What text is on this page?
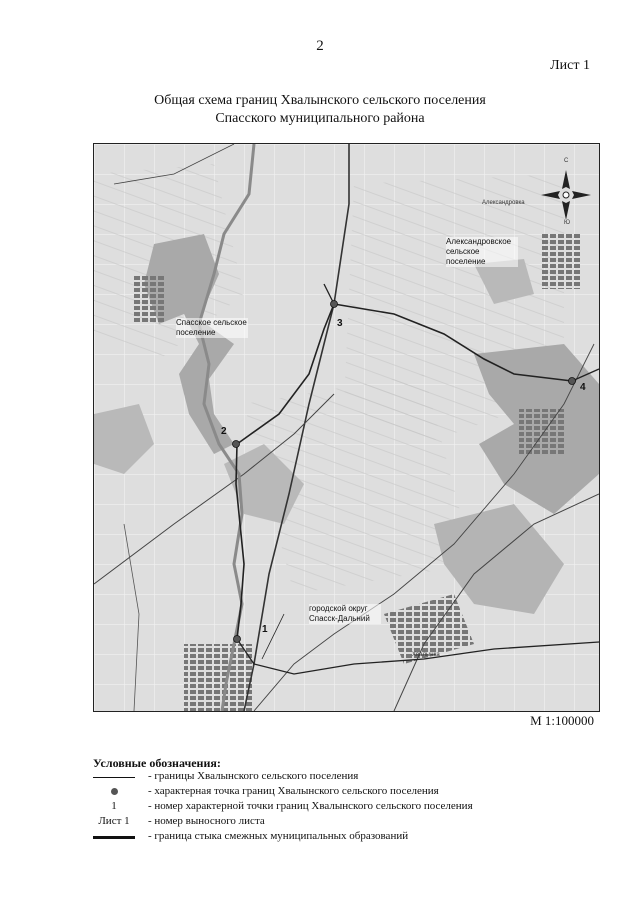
2
Лист 1
Общая схема границ Хвалынского сельского поселения
Спасского муниципального района
Спасское сельское поселение
Александровское сельское поселение
городской округ Спасск-Дальний
Александровка
Хвалынка
С
Ю
1
2
3
4
М 1:100000
Условные обозначения:
- границы Хвалынского сельского поселения
- характерная точка границ Хвалынского сельского поселения
1	- номер характерной точки границ Хвалынского сельского поселения
Лист 1	- номер выносного листа
- граница стыка смежных муниципальных образований
